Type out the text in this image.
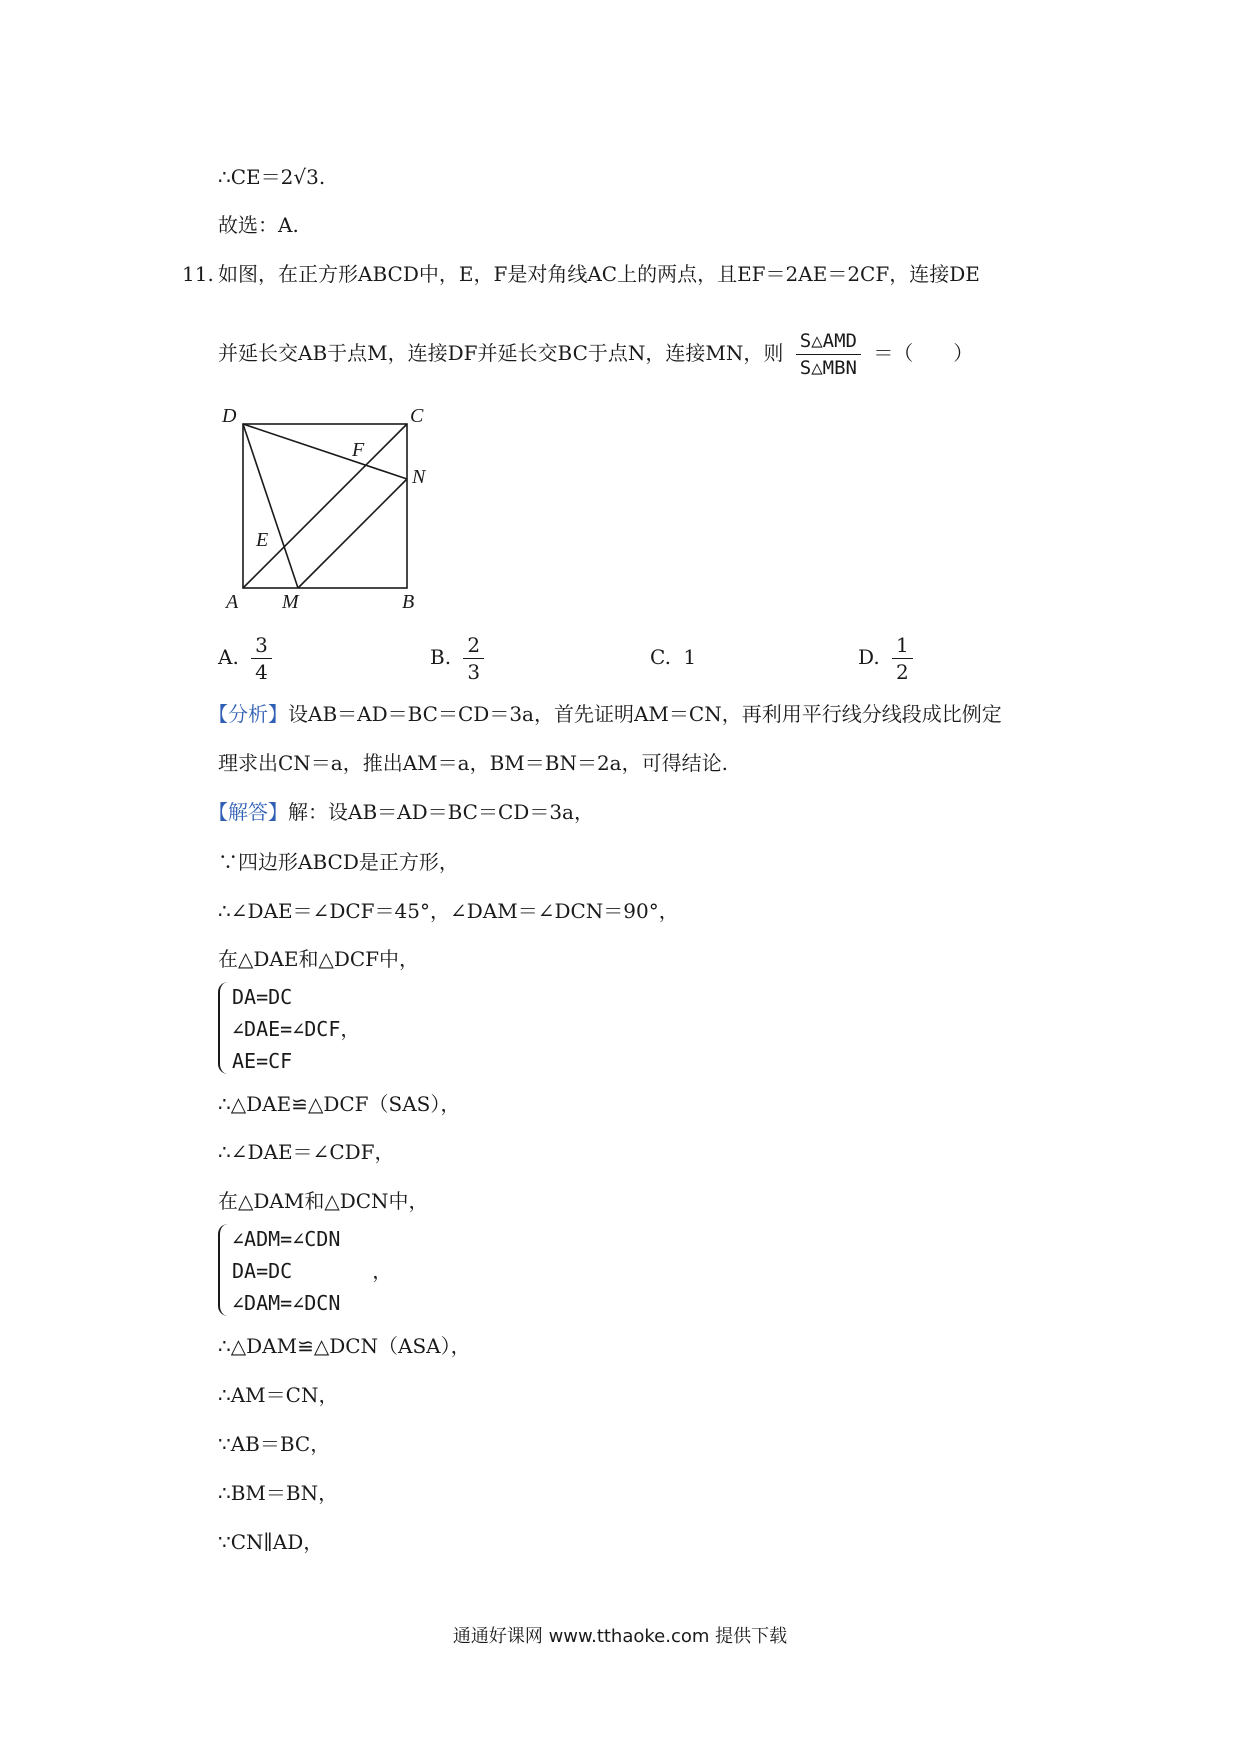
∴CE＝2√3.
故选：A.
11. 如图，在正方形ABCD中，E，F是对角线AC上的两点，且EF＝2AE＝2CF，连接DE
并延长交AB于点M，连接DF并延长交BC于点N，连接MN，则 $\frac{\text{S△AMD}}{\text{S△MBN}}$ ＝（　　）
D	C
A M	B
N
E
F
A. $\frac{3}{4}$	B. $\frac{2}{3}$	C. 1	D. $\frac{1}{2}$
【分析】设AB＝AD＝BC＝CD＝3a，首先证明AM＝CN，再利用平行线分线段成比例定
理求出CN＝a，推出AM＝a，BM＝BN＝2a，可得结论.
【解答】解：设AB＝AD＝BC＝CD＝3a，
∵四边形ABCD是正方形，
∴∠DAE＝∠DCF＝45°，∠DAM＝∠DCN＝90°，
在△DAE和△DCF中，
DA=DC
∠DAE=∠DCF，
AE=CF
∴△DAE≌△DCF（SAS），
∴∠DAE＝∠CDF，
在△DAM和△DCN中，
∠ADM=∠CDN
DA=DC　　　　，
∠DAM=∠DCN
∴△DAM≌△DCN（ASA），
∴AM＝CN，
∵AB＝BC，
∴BM＝BN，
∵CN∥AD，
通通好课网 www.tthaoke.com 提供下载
